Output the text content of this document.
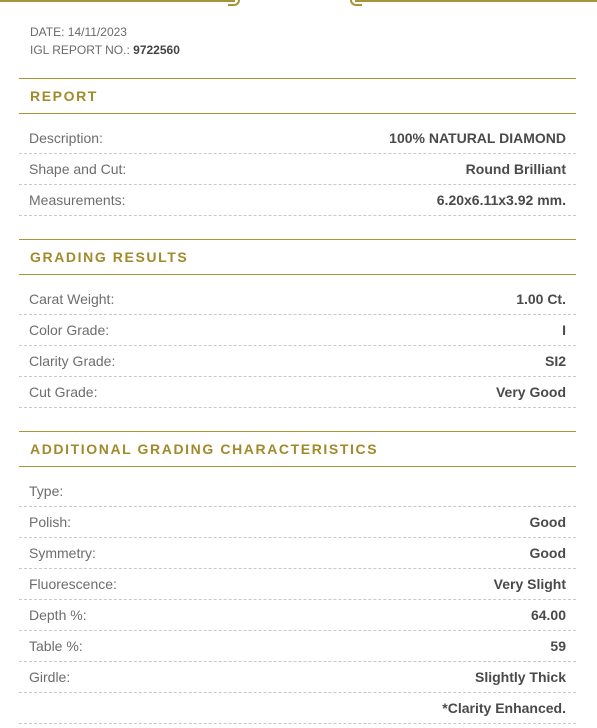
DATE: 14/11/2023
IGL REPORT NO.: 9722560
REPORT
Description:	100% NATURAL DIAMOND
Shape and Cut:	Round Brilliant
Measurements:	6.20x6.11x3.92 mm.
GRADING RESULTS
Carat Weight:	1.00 Ct.
Color Grade:	I
Clarity Grade:	SI2
Cut Grade:	Very Good
ADDITIONAL GRADING CHARACTERISTICS
Type:
Polish:	Good
Symmetry:	Good
Fluorescence:	Very Slight
Depth %:	64.00
Table %:	59
Girdle:	Slightly Thick
*Clarity Enhanced.
